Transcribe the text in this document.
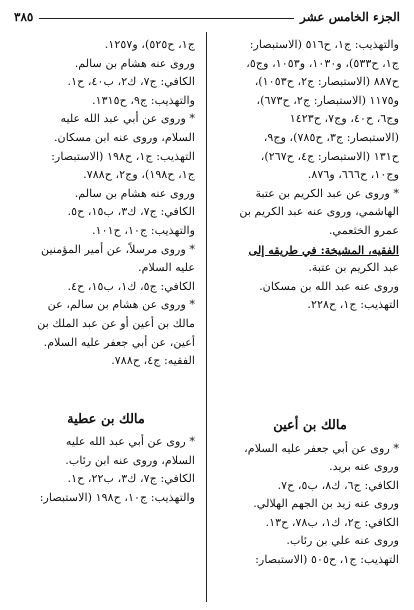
الجزء الخامس عشر
٣٨٥
والتهذيب: ج١، ح٥١٦ (الاستبصار:
ج١، ح٥٣٣)، و١٠٣٠، و١٠٥٣، وج٥،
ح٨٨٧ (الاستبصار: ج٢، ح١٠٥٣)،
و١١٧٥ (الاستبصار: ج٢، ح٦٧٣)،
وج٦، ح٤٠، وج٧، ح١٤٢٣
(الاستبصار: ج٣، ح٧٨٥)، وج٩،
ح١٣١ (الاستبصار: ج٤، ح٢٦٧)،
وج١٠، ح٦٦٦، و٨٧٦.
* وروى عن عبد الكريم بن عتبة
الهاشمي، وروى عنه عبد الكريم بن
عمرو الخثعمي.
الفقيه، المشيخة: في طريقه إلى
عبد الكريم بن عتبة.
وروى عنه عبد الله بن مسكان.
التهذيب: ج١، ح٢٢٨.
مالك بن أعين
* روى عن أبي جعفر عليه السلام،
وروى عنه بريد.
الكافي: ج٦، ك٨، ب٥، ح٧.
وروى عنه زيد بن الجهم الهلالي.
الكافي: ج٢، ك١، ب٧٨، ح١٣.
وروى عنه علي بن رئاب.
التهذيب: ج١، ح٥٠٥ (الاستبصار:
ج١، ح٥٢٥)، و١٢٥٧.
وروى عنه هشام بن سالم.
الكافي: ج٧، ك٢، ب٤٠، ح١.
والتهذيب: ج٩، ح١٣١٥.
* وروى عن أبي عبد الله عليه
السلام، وروى عنه ابن مسكان.
التهذيب: ج١، ح١٩٨ (الاستبصار:
ج١، ح١٩٨)، وج٢، ح٧٨٨.
وروى عنه هشام بن سالم.
الكافي: ج٧، ك٣، ب١٥، ح٥.
والتهذيب: ج١٠، ح١٠١.
* وروى مرسلاً، عن أمير المؤمنين
عليه السلام.
الكافي: ج٥، ك١، ب١٥، ح٤.
* وروى عن هشام بن سالم، عن
مالك بن أعين أو عن عبد الملك بن
أعين، عن أبي جعفر عليه السلام.
الفقيه: ج٤، ح٧٨٨.
مالك بن عطية
* روى عن أبي عبد الله عليه
السلام، وروى عنه ابن رئاب.
الكافي: ج٧، ك٣، ب٢٢، ح١.
والتهذيب: ج١٠، ح١٩٨ (الاستبصار:
